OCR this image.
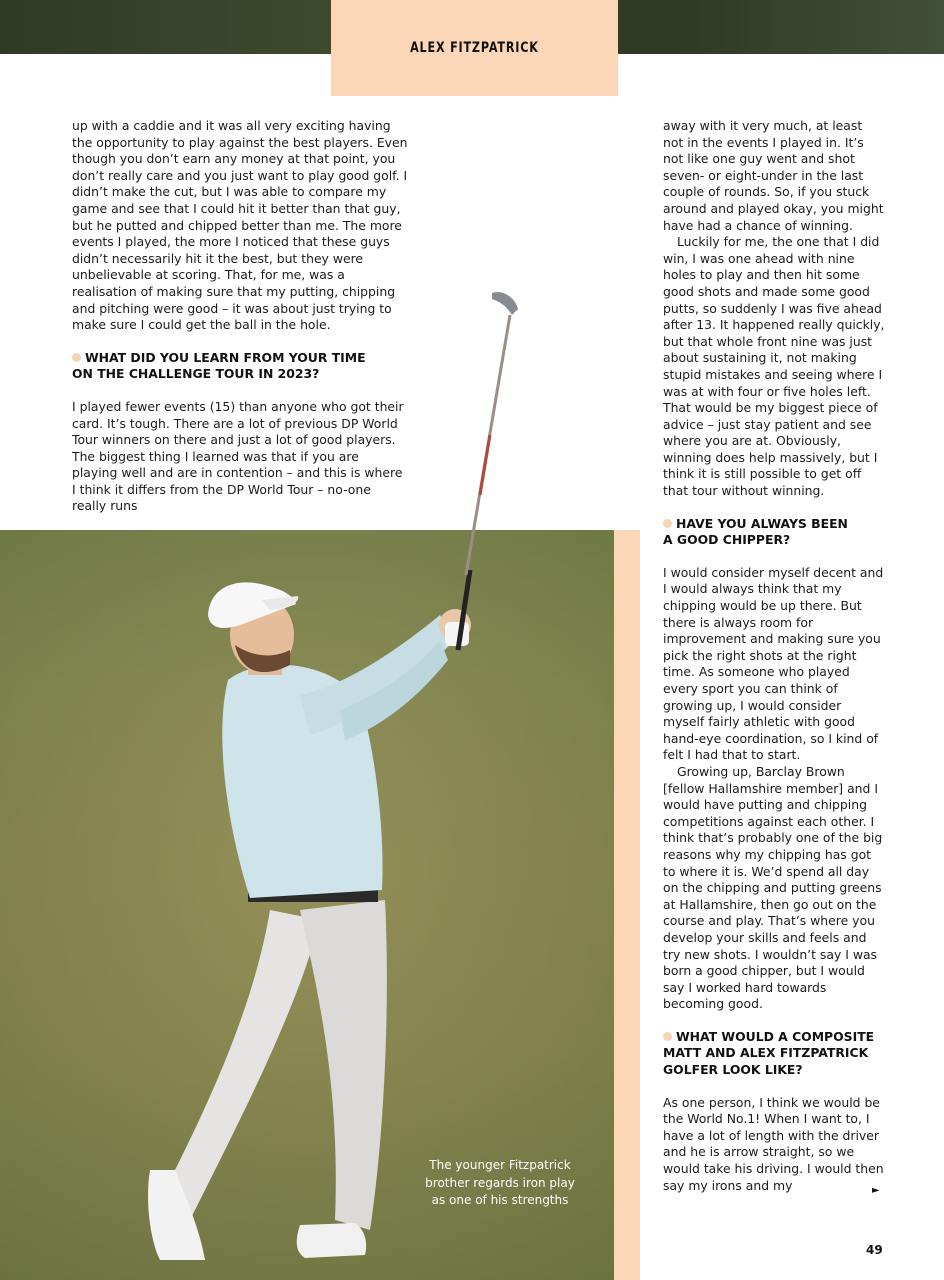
ALEX FITZPATRICK

up with a caddie and it was all very exciting having the opportunity to play against the best players. Even though you don’t earn any money at that point, you don’t really care and you just want to play good golf. I didn’t make the cut, but I was able to compare my game and see that I could hit it better than that guy, but he putted and chipped better than me. The more events I played, the more I noticed that these guys didn’t necessarily hit it the best, but they were unbelievable at scoring. That, for me, was a realisation of making sure that my putting, chipping and pitching were good – it was about just trying to make sure I could get the ball in the hole.

WHAT DID YOU LEARN FROM YOUR TIME
ON THE CHALLENGE TOUR IN 2023?

I played fewer events (15) than anyone who got their card. It’s tough. There are a lot of previous DP World Tour winners on there and just a lot of good players. The biggest thing I learned was that if you are playing well and are in contention – and this is where I think it differs from the DP World Tour – no-one really runs

away with it very much, at least not in the events I played in. It’s not like one guy went and shot seven- or eight-under in the last couple of rounds. So, if you stuck around and played okay, you might have had a chance of winning.

Luckily for me, the one that I did win, I was one ahead with nine holes to play and then hit some good shots and made some good putts, so suddenly I was five ahead after 13. It happened really quickly, but that whole front nine was just about sustaining it, not making stupid mistakes and seeing where I was at with four or five holes left. That would be my biggest piece of advice – just stay patient and see where you are at. Obviously, winning does help massively, but I think it is still possible to get off that tour without winning.

HAVE YOU ALWAYS BEEN
A GOOD CHIPPER?

I would consider myself decent and I would always think that my chipping would be up there. But there is always room for improvement and making sure you pick the right shots at the right time. As someone who played every sport you can think of growing up, I would consider myself fairly athletic with good hand-eye coordination, so I kind of felt I had that to start.

Growing up, Barclay Brown [fellow Hallamshire member] and I would have putting and chipping competitions against each other. I think that’s probably one of the big reasons why my chipping has got to where it is. We’d spend all day on the chipping and putting greens at Hallamshire, then go out on the course and play. That’s where you develop your skills and feels and try new shots. I wouldn’t say I was born a good chipper, but I would say I worked hard towards becoming good.

WHAT WOULD A COMPOSITE
MATT AND ALEX FITZPATRICK
GOLFER LOOK LIKE?

As one person, I think we would be the World No.1! When I want to, I have a lot of length with the driver and he is arrow straight, so we would take his driving. I would then say my irons and my

The younger Fitzpatrick
brother regards iron play
as one of his strengths
►
49
